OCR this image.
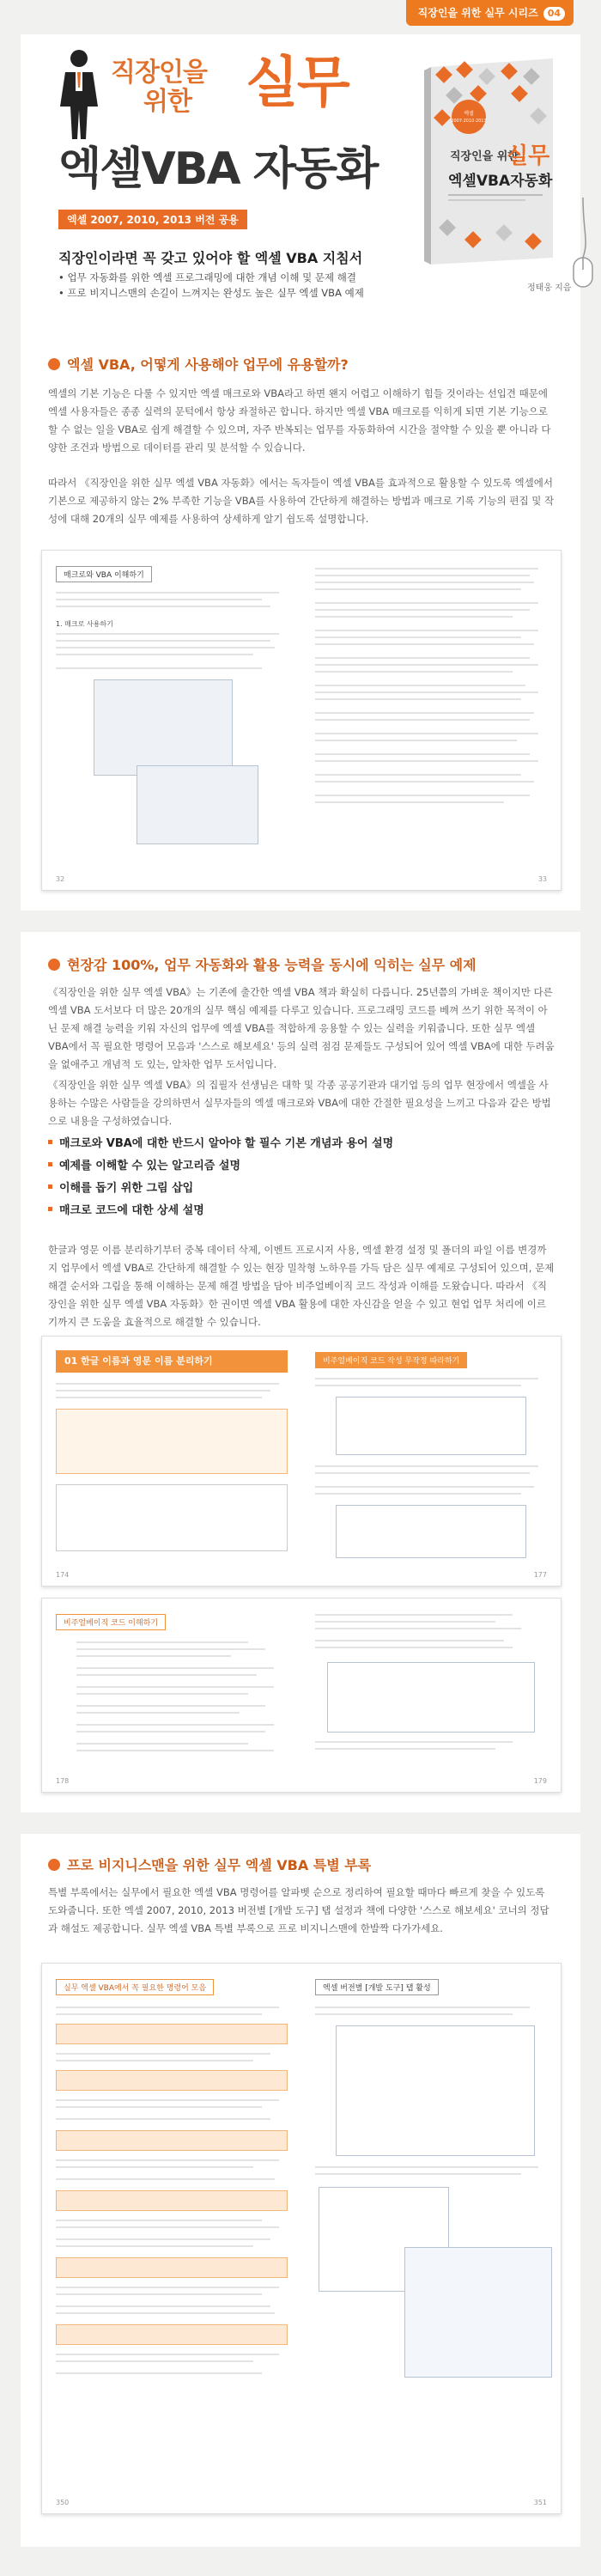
직장인을 위한 실무 시리즈 04
직장인을
위한 실무
엑셀VBA 자동화
엑셀 2007, 2010, 2013 버전 공용
엑셀
2007·2010·2013
직장인을 위한
실무
엑셀VBA자동화
정태웅 지음
직장인이라면 꼭 갖고 있어야 할 엑셀 VBA 지침서
• 업무 자동화를 위한 엑셀 프로그래밍에 대한 개념 이해 및 문제 해결
• 프로 비지니스맨의 손길이 느껴지는 완성도 높은 실무 엑셀 VBA 예제
엑셀 VBA, 어떻게 사용해야 업무에 유용할까?
엑셀의 기본 기능은 다룰 수 있지만 엑셀 매크로와 VBA라고 하면 왠지 어렵고 이해하기 힘들 것이라는 선입견 때문에 엑셀 사용자들은 종종 실력의 문턱에서 항상 좌절하곤 합니다. 하지만 엑셀 VBA 매크로를 익히게 되면 기본 기능으로 할 수 없는 일을 VBA로 쉽게 해결할 수 있으며, 자주 반복되는 업무를 자동화하여 시간을 절약할 수 있을 뿐 아니라 다양한 조건과 방법으로 데이터를 관리 및 분석할 수 있습니다.
따라서 《직장인을 위한 실무 엑셀 VBA 자동화》에서는 독자들이 엑셀 VBA를 효과적으로 활용할 수 있도록 엑셀에서 기본으로 제공하지 않는 2% 부족한 기능을 VBA를 사용하여 간단하게 해결하는 방법과 매크로 기록 기능의 편집 및 작성에 대해 20개의 실무 예제를 사용하여 상세하게 알기 쉽도록 설명합니다.
매크로와 VBA 이해하기
1. 매크로 사용하기
32	33
현장감 100%, 업무 자동화와 활용 능력을 동시에 익히는 실무 예제
《직장인을 위한 실무 엑셀 VBA》는 기존에 출간한 엑셀 VBA 책과 확실히 다릅니다. 25년쯤의 가벼운 책이지만 다른 엑셀 VBA 도서보다 더 많은 20개의 실무 핵심 예제를 다루고 있습니다. 프로그래밍 코드를 베껴 쓰기 위한 목적이 아닌 문제 해결 능력을 키워 자신의 업무에 엑셀 VBA를 적합하게 응용할 수 있는 실력을 키워줍니다. 또한 실무 엑셀 VBA에서 꼭 필요한 명령어 모음과 '스스로 해보세요' 등의 실력 점검 문제들도 구성되어 있어 엑셀 VBA에 대한 두려움을 없애주고 개념적 도 있는, 알차한 업무 도서입니다.
《직장인을 위한 실무 엑셀 VBA》의 집필자 선생님은 대학 및 각종 공공기관과 대기업 등의 업무 현장에서 엑셀을 사용하는 수많은 사람들을 강의하면서 실무자들의 엑셀 매크로와 VBA에 대한 간절한 필요성을 느끼고 다음과 같은 방법으로 내용을 구성하였습니다.
매크로와 VBA에 대한 반드시 알아야 할 필수 기본 개념과 용어 설명
예제를 이해할 수 있는 알고리즘 설명
이해를 돕기 위한 그림 삽입
매크로 코드에 대한 상세 설명
한글과 영문 이름 분리하기부터 중복 데이터 삭제, 이벤트 프로시저 사용, 엑셀 환경 설정 및 폴더의 파일 이름 변경까지 업무에서 엑셀 VBA로 간단하게 해결할 수 있는 현장 밀착형 노하우를 가득 담은 실무 예제로 구성되어 있으며, 문제 해결 순서와 그림을 통해 이해하는 문제 해결 방법을 담아 비주얼베이직 코드 작성과 이해를 도왔습니다. 따라서 《직장인을 위한 실무 엑셀 VBA 자동화》한 권이면 엑셀 VBA 활용에 대한 자신감을 얻을 수 있고 현업 업무 처리에 이르기까지 큰 도움을 효율적으로 해결할 수 있습니다.
01 한글 이름과 영문 이름 분리하기
174
비주얼베이직 코드 작성 무작정 따라하기
177
비주얼베이직 코드 이해하기
178	179
프로 비지니스맨을 위한 실무 엑셀 VBA 특별 부록
특별 부록에서는 실무에서 필요한 엑셀 VBA 명령어를 알파벳 순으로 정리하여 필요할 때마다 빠르게 찾을 수 있도록 도와줍니다. 또한 엑셀 2007, 2010, 2013 버전별 [개발 도구] 탭 설정과 책에 다양한 '스스로 해보세요' 코너의 정답과 해설도 제공합니다. 실무 엑셀 VBA 특별 부록으로 프로 비지니스맨에 한발짝 다가가세요.
실무 엑셀 VBA에서 꼭 필요한 명령어 모음
350
엑셀 버전별 [개발 도구] 탭 활성
351
